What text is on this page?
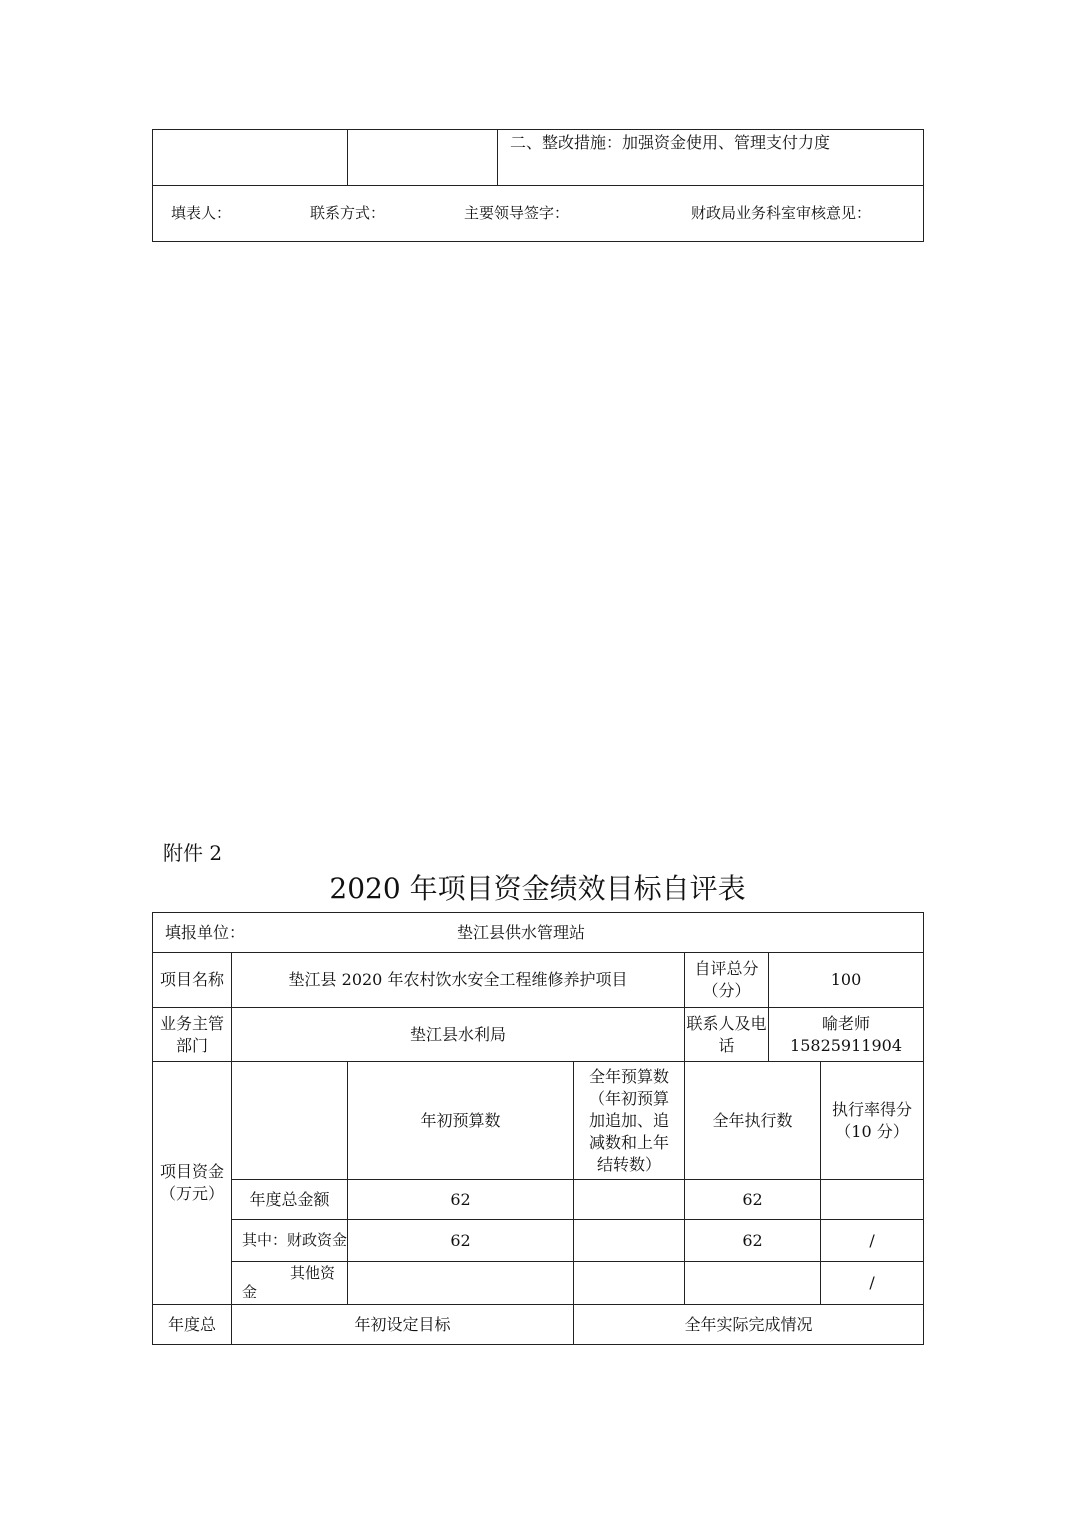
		二、整改措施：加强资金使用、管理支付力度

填表人：	联系方式：	主要领导签字：	财政局业务科室审核意见：
附件 2
2020 年项目资金绩效目标自评表
填报单位： 垫江县供水管理站						

项目名称	垫江县 2020 年农村饮水安全工程维修养护项目			自评总分（分）	100	
业务主管部门	垫江县水利局			联系人及电话	喻老师
15825911904	

项目资金（万元）		年初预算数	全年预算数（年初预算加追加、追减数和上年结转数）	全年执行数		执行率得分
（10 分）

	年度总金额	62		62		
	其中：财政资金	62		62		/
	其他资金					/
年度总	年初设定目标		全年实际完成情况			
